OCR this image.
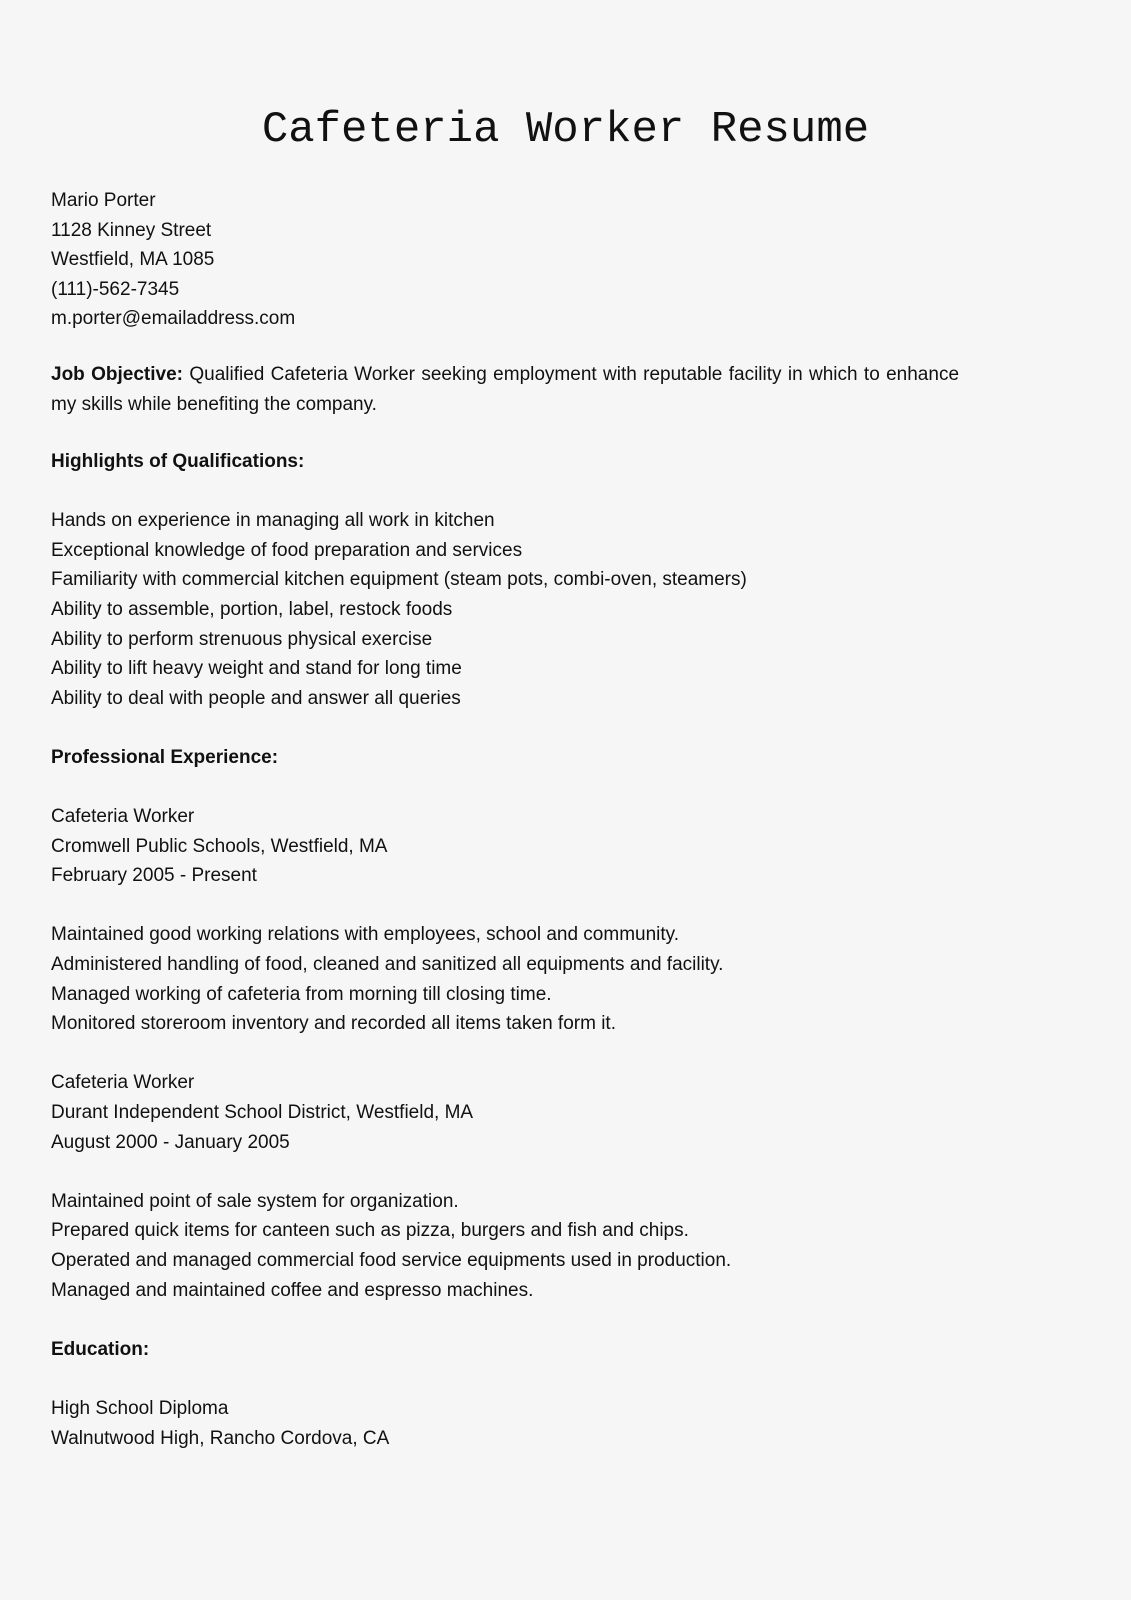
Cafeteria Worker Resume
Mario Porter
1128 Kinney Street
Westfield, MA 1085
(111)-562-7345
m.porter@emailaddress.com

Job Objective: Qualified Cafeteria Worker seeking employment with reputable facility in which to enhance my skills while benefiting the company.

Highlights of Qualifications:
Hands on experience in managing all work in kitchen
Exceptional knowledge of food preparation and services
Familiarity with commercial kitchen equipment (steam pots, combi-oven, steamers)
Ability to assemble, portion, label, restock foods
Ability to perform strenuous physical exercise
Ability to lift heavy weight and stand for long time
Ability to deal with people and answer all queries
Professional Experience:
Cafeteria Worker
Cromwell Public Schools, Westfield, MA
February 2005 - Present
Maintained good working relations with employees, school and community.
Administered handling of food, cleaned and sanitized all equipments and facility.
Managed working of cafeteria from morning till closing time.
Monitored storeroom inventory and recorded all items taken form it.
Cafeteria Worker
Durant Independent School District, Westfield, MA
August 2000 - January 2005
Maintained point of sale system for organization.
Prepared quick items for canteen such as pizza, burgers and fish and chips.
Operated and managed commercial food service equipments used in production.
Managed and maintained coffee and espresso machines.
Education:
High School Diploma
Walnutwood High, Rancho Cordova, CA
